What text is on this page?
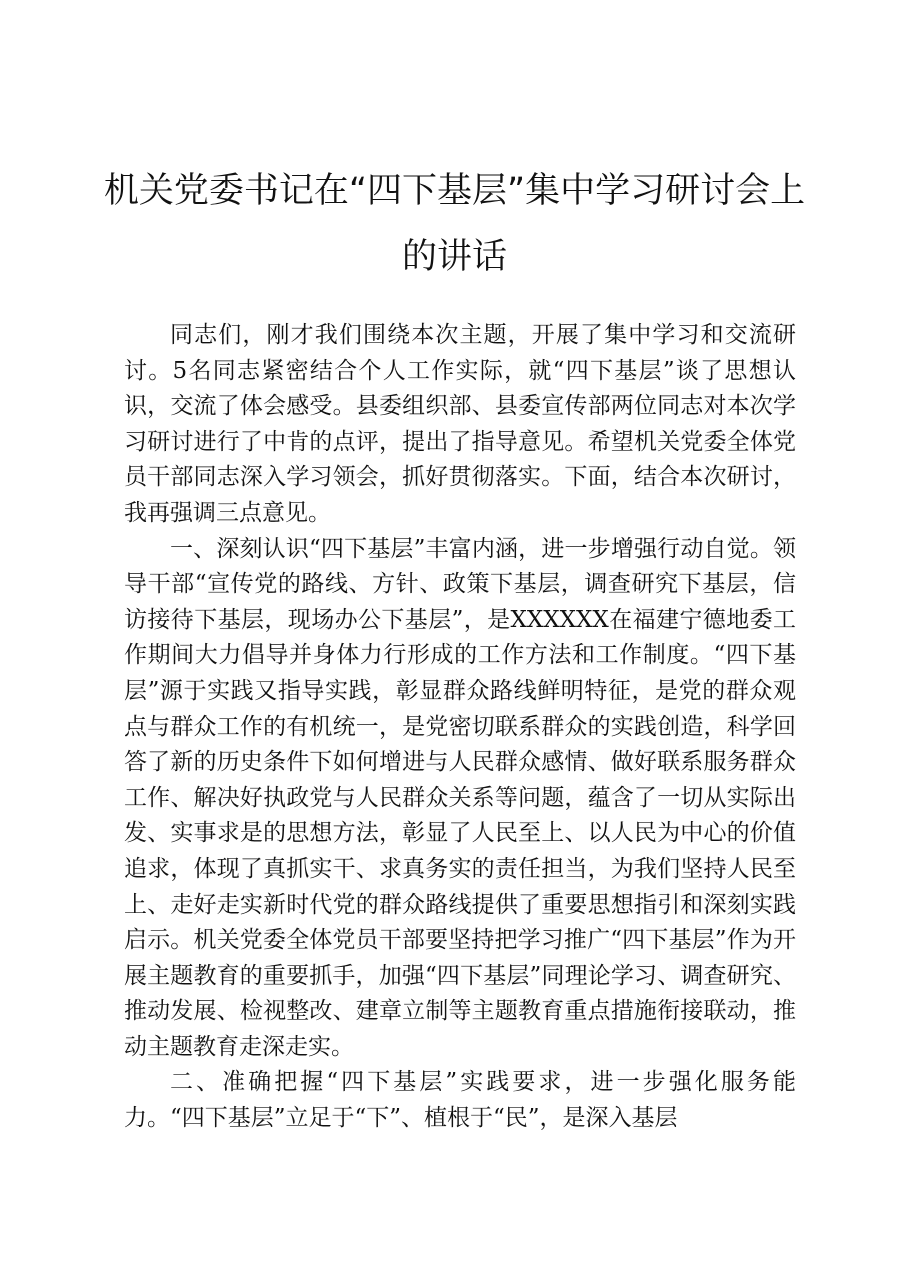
机关党委书记在“四下基层”集中学习研讨会上的讲话

同志们，刚才我们围绕本次主题，开展了集中学习和交流研讨。5名同志紧密结合个人工作实际，就“四下基层”谈了思想认识，交流了体会感受。县委组织部、县委宣传部两位同志对本次学习研讨进行了中肯的点评，提出了指导意见。希望机关党委全体党员干部同志深入学习领会，抓好贯彻落实。下面，结合本次研讨，我再强调三点意见。

一、深刻认识“四下基层”丰富内涵，进一步增强行动自觉。领导干部“宣传党的路线、方针、政策下基层，调查研究下基层，信访接待下基层，现场办公下基层”，是XXXXXX在福建宁德地委工作期间大力倡导并身体力行形成的工作方法和工作制度。“四下基层”源于实践又指导实践，彰显群众路线鲜明特征，是党的群众观点与群众工作的有机统一，是党密切联系群众的实践创造，科学回答了新的历史条件下如何增进与人民群众感情、做好联系服务群众工作、解决好执政党与人民群众关系等问题，蕴含了一切从实际出发、实事求是的思想方法，彰显了人民至上、以人民为中心的价值追求，体现了真抓实干、求真务实的责任担当，为我们坚持人民至上、走好走实新时代党的群众路线提供了重要思想指引和深刻实践启示。机关党委全体党员干部要坚持把学习推广“四下基层”作为开展主题教育的重要抓手，加强“四下基层”同理论学习、调查研究、推动发展、检视整改、建章立制等主题教育重点措施衔接联动，推动主题教育走深走实。

二、准确把握“四下基层”实践要求，进一步强化服务能力。“四下基层”立足于“下”、植根于“民”，是深入基层
